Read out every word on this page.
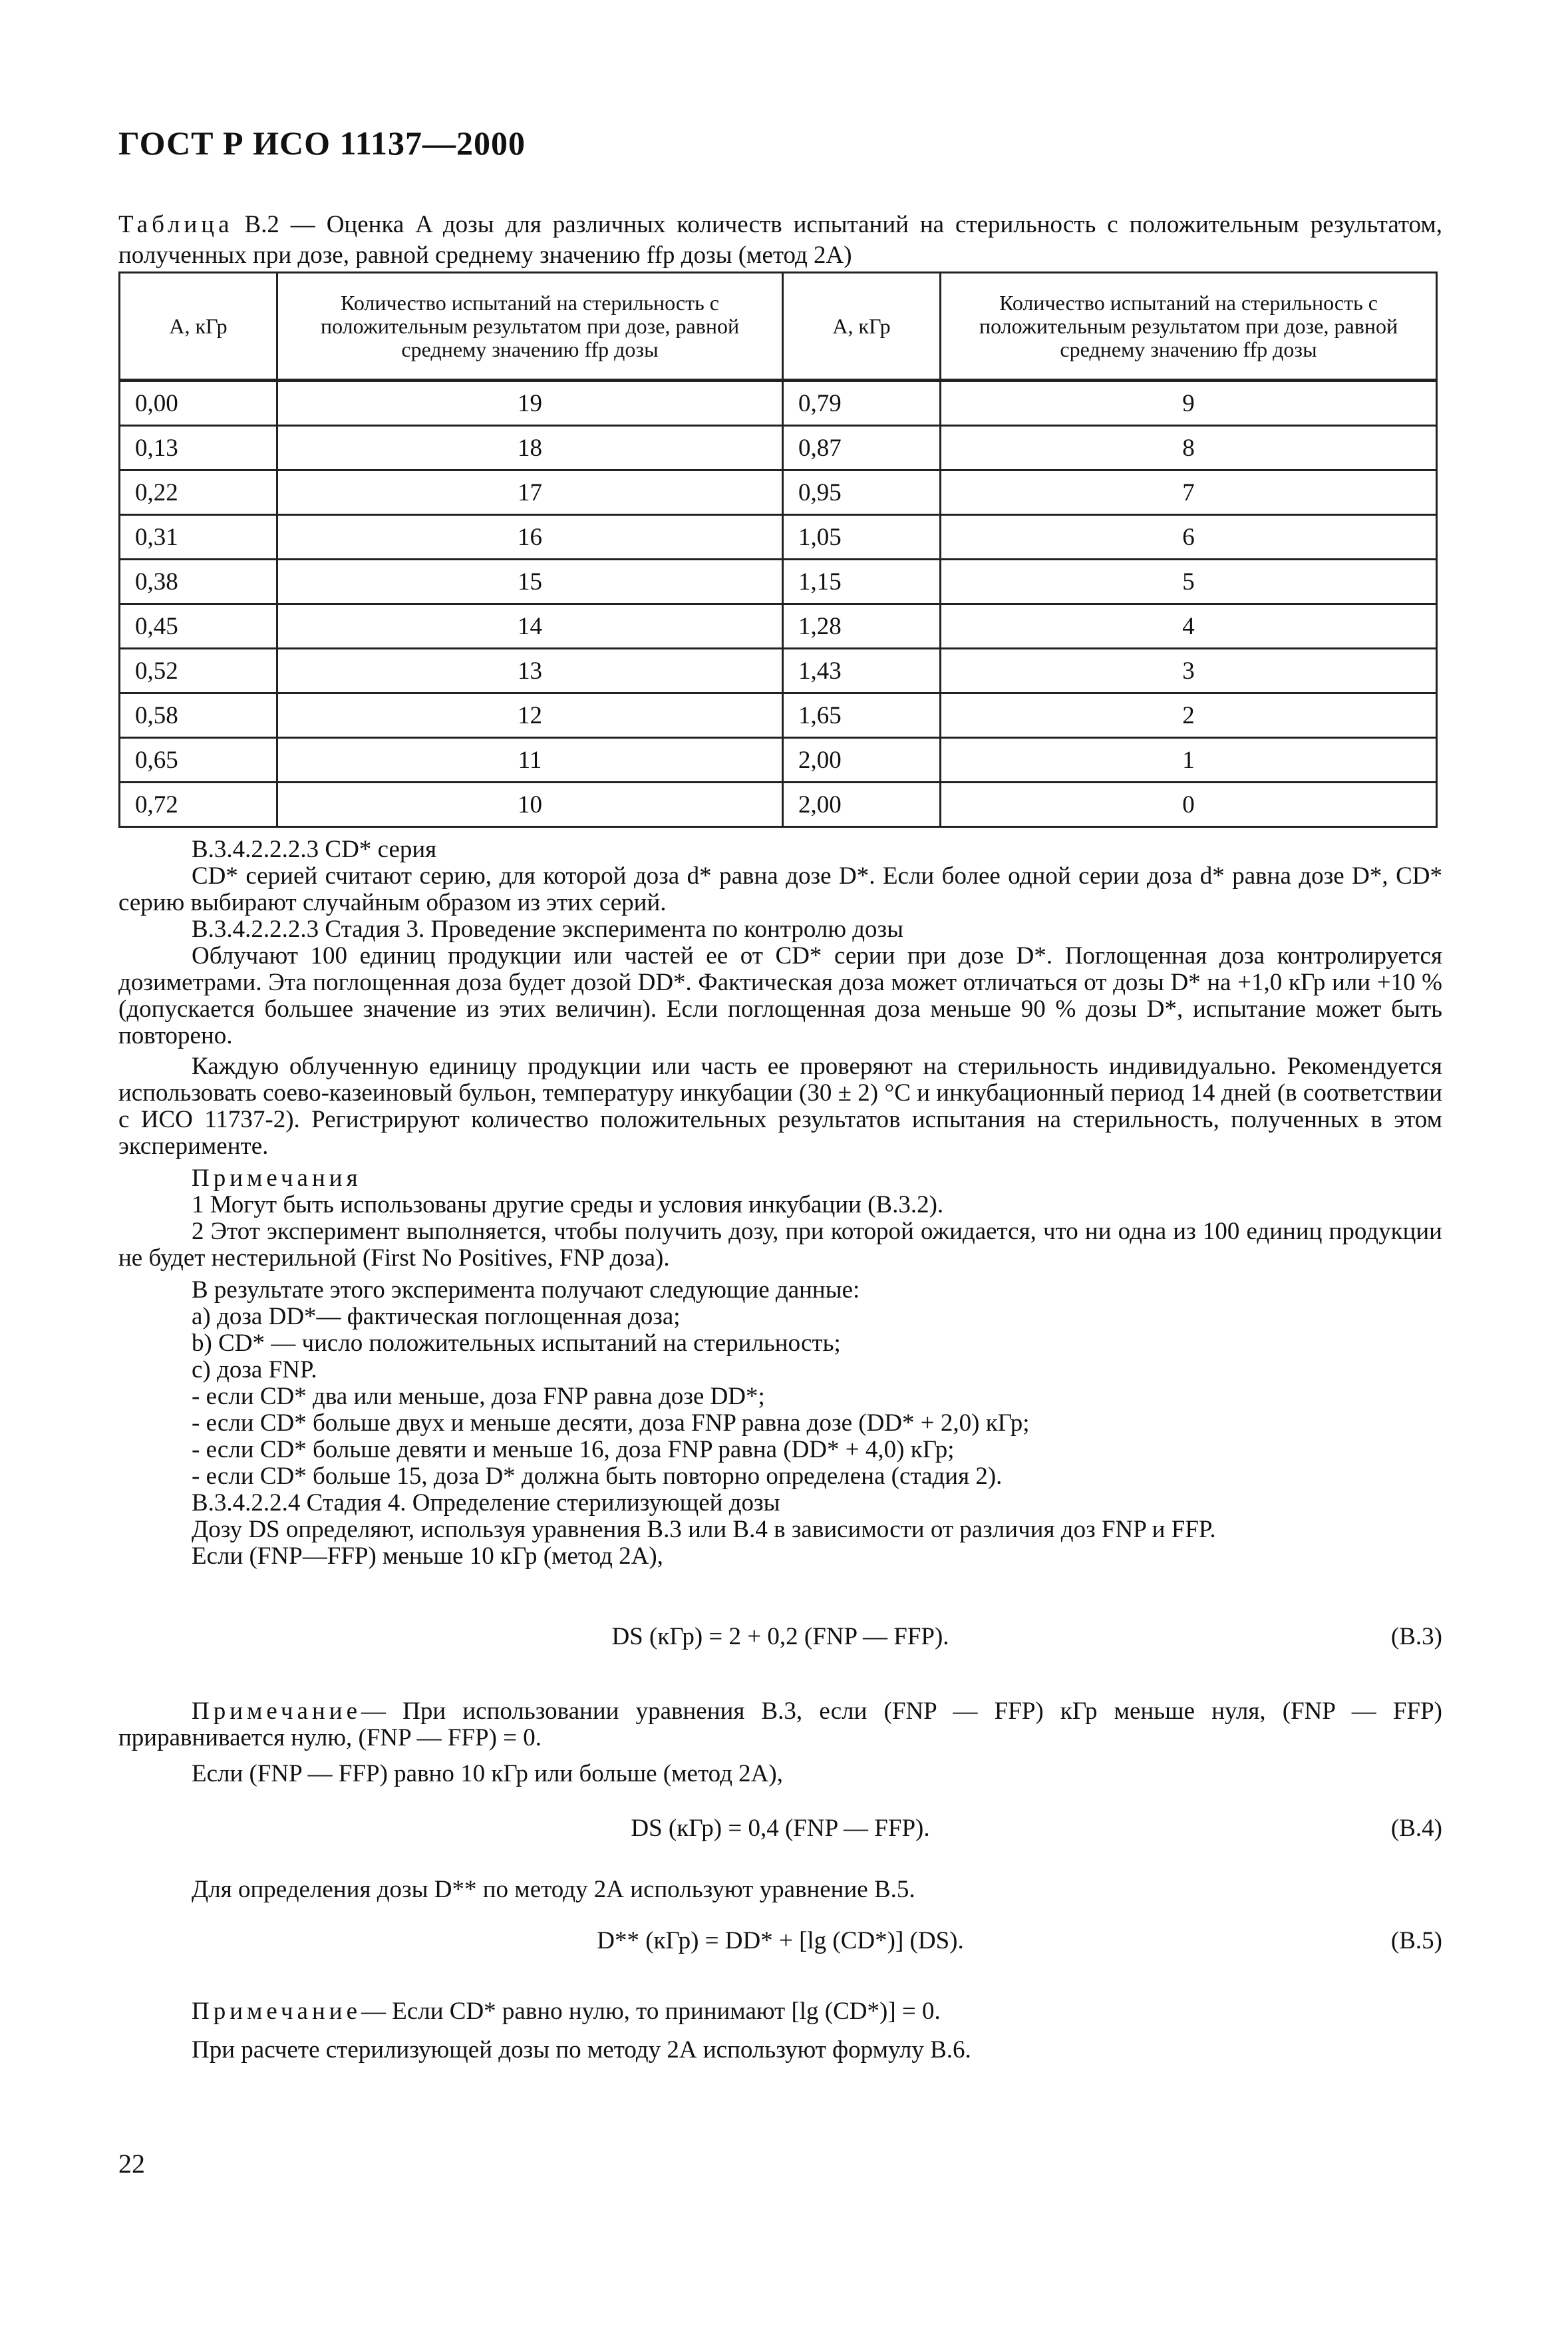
ГОСТ Р ИСО 11137—2000
Таблица В.2 — Оценка A дозы для различных количеств испытаний на стерильность с положительным результатом, полученных при дозе, равной среднему значению ffp дозы (метод 2А)
A, кГр	Количество испытаний на стерильность с положительным результатом при дозе, равной среднему значению ffp дозы	A, кГр	Количество испытаний на стерильность с положительным результатом при дозе, равной среднему значению ffp дозы
0,00	19	0,79	9
0,13	18	0,87	8
0,22	17	0,95	7
0,31	16	1,05	6
0,38	15	1,15	5
0,45	14	1,28	4
0,52	13	1,43	3
0,58	12	1,65	2
0,65	11	2,00	1
0,72	10	2,00	0

В.3.4.2.2.2.3 CD* серия

CD* серией считают серию, для которой доза d* равна дозе D*. Если более одной серии доза d* равна дозе D*, CD* серию выбирают случайным образом из этих серий.

В.3.4.2.2.2.3 Стадия 3. Проведение эксперимента по контролю дозы

Облучают 100 единиц продукции или частей ее от CD* серии при дозе D*. Поглощенная доза контролируется дозиметрами. Эта поглощенная доза будет дозой DD*. Фактическая доза может отличаться от дозы D* на +1,0 кГр или +10 % (допускается большее значение из этих величин). Если поглощенная доза меньше 90 % дозы D*, испытание может быть повторено.

Каждую облученную единицу продукции или часть ее проверяют на стерильность индивидуально. Рекомендуется использовать соево-казеиновый бульон, температуру инкубации (30 ± 2) °С и инкубационный период 14 дней (в соответствии с ИСО 11737-2). Регистрируют количество положительных результатов испытания на стерильность, полученных в этом эксперименте.

Примечания

1 Могут быть использованы другие среды и условия инкубации (В.3.2).

2 Этот эксперимент выполняется, чтобы получить дозу, при которой ожидается, что ни одна из 100 единиц продукции не будет нестерильной (First No Positives, FNP доза).

В результате этого эксперимента получают следующие данные:

a) доза DD*— фактическая поглощенная доза;

b) CD* — число положительных испытаний на стерильность;

c) доза FNP.

- если CD* два или меньше, доза FNP равна дозе DD*;

- если CD* больше двух и меньше десяти, доза FNP равна дозе (DD* + 2,0) кГр;

- если CD* больше девяти и меньше 16, доза FNP равна (DD* + 4,0) кГр;

- если CD* больше 15, доза D* должна быть повторно определена (стадия 2).

В.3.4.2.2.4 Стадия 4. Определение стерилизующей дозы

Дозу DS определяют, используя уравнения В.3 или В.4 в зависимости от различия доз FNP и FFP.

Если (FNP—FFP) меньше 10 кГр (метод 2А),

DS (кГр) = 2 + 0,2 (FNP — FFP).	(В.3)

Примечание— При использовании уравнения В.3, если (FNP — FFP) кГр меньше нуля, (FNP — FFP) приравнивается нулю, (FNP — FFP) = 0.

Если (FNP — FFP) равно 10 кГр или больше (метод 2А),

DS (кГр) = 0,4 (FNP — FFP).	(В.4)

Для определения дозы D** по методу 2А используют уравнение В.5.

D** (кГр) = DD* + [lg (CD*)] (DS).	(В.5)

Примечание— Если CD* равно нулю, то принимают [lg (CD*)] = 0.

При расчете стерилизующей дозы по методу 2А используют формулу В.6.

22
